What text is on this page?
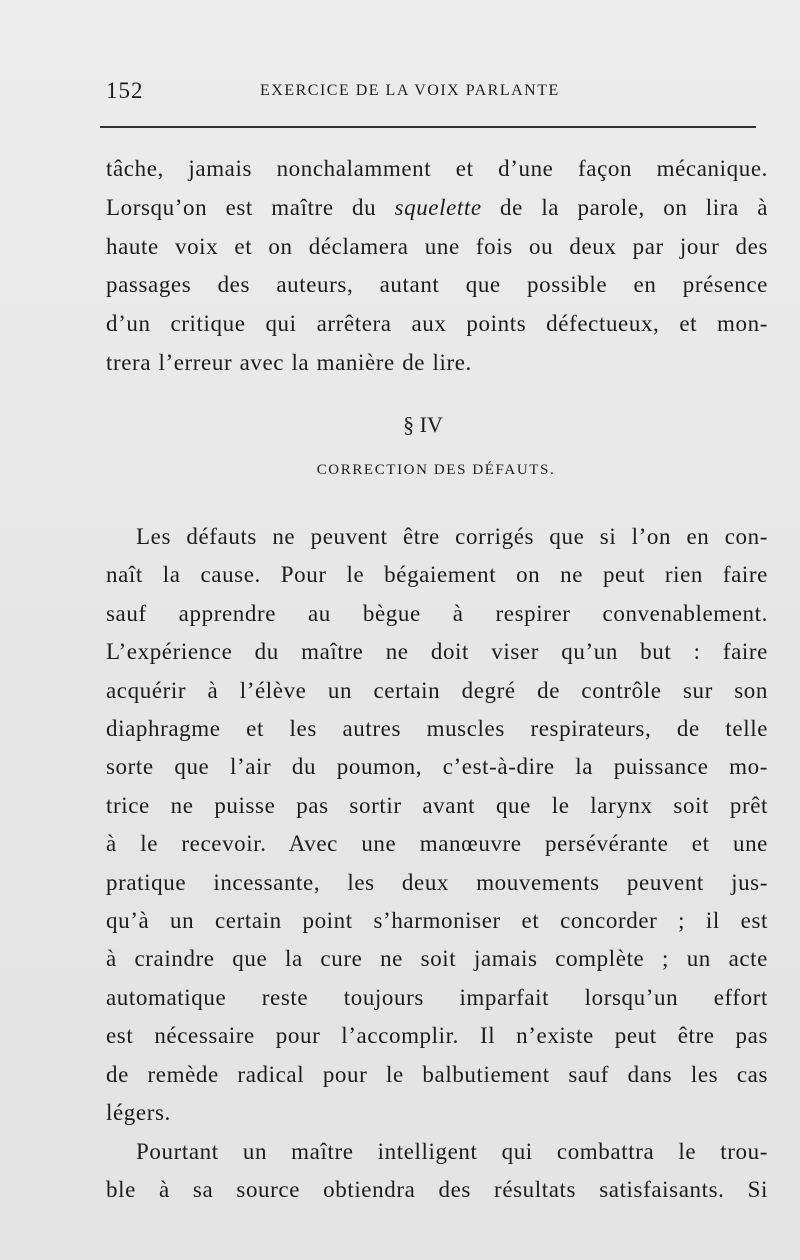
152	EXERCICE DE LA VOIX PARLANTE
tâche, jamais nonchalamment et d’une façon mécanique.
Lorsqu’on est maître du squelette de la parole, on lira à
haute voix et on déclamera une fois ou deux par jour des
passages des auteurs, autant que possible en présence
d’un critique qui arrêtera aux points défectueux, et mon-
trera l’erreur avec la manière de lire.
§ IV
CORRECTION DES DÉFAUTS.
Les défauts ne peuvent être corrigés que si l’on en con-
naît la cause. Pour le bégaiement on ne peut rien faire
sauf apprendre au bègue à respirer convenablement.
L’expérience du maître ne doit viser qu’un but : faire
acquérir à l’élève un certain degré de contrôle sur son
diaphragme et les autres muscles respirateurs, de telle
sorte que l’air du poumon, c’est-à-dire la puissance mo-
trice ne puisse pas sortir avant que le larynx soit prêt
à le recevoir. Avec une manœuvre persévérante et une
pratique incessante, les deux mouvements peuvent jus-
qu’à un certain point s’harmoniser et concorder ; il est
à craindre que la cure ne soit jamais complète ; un acte
automatique reste toujours imparfait lorsqu’un effort
est nécessaire pour l’accomplir. Il n’existe peut être pas
de remède radical pour le balbutiement sauf dans les cas
légers.
Pourtant un maître intelligent qui combattra le trou-
ble à sa source obtiendra des résultats satisfaisants. Si
